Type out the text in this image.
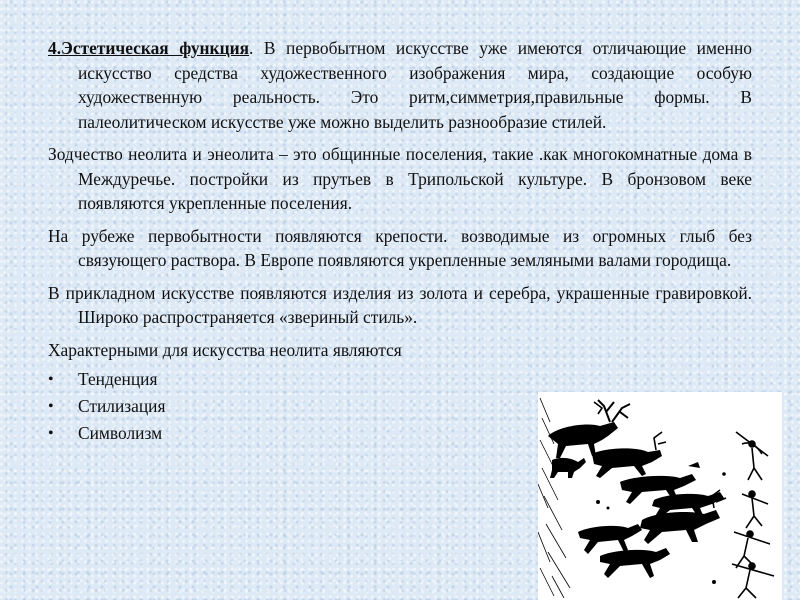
4.Эстетическая функция. В первобытном искусстве уже имеются отличающие именно искусство средства художественного изображения мира, создающие особую художественную реальность. Это ритм,симметрия,правильные формы. В палеолитическом искусстве уже можно выделить разнообразие стилей.

Зодчество неолита и энеолита – это общинные поселения, такие .как многокомнатные дома в Междуречье. постройки из прутьев в Трипольской культуре. В бронзовом веке появляются укрепленные поселения.

На рубеже первобытности появляются крепости. возводимые из огромных глыб без связующего раствора. В Европе появляются укрепленные земляными валами городища.

В прикладном искусстве появляются изделия из золота и серебра, украшенные гравировкой. Широко распространяется «звериный стиль».

Характерными для искусства неолита являются

• Тенденция
• Стилизация
• Символизм
